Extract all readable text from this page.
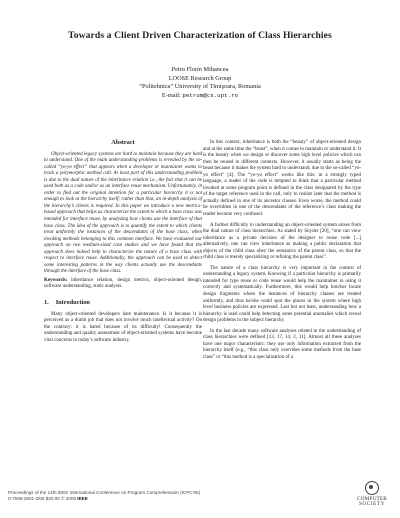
Towards a Client Driven Characterization of Class Hierarchies
Petru Florin Mihancea
LOOSE Research Group
“Politehnica” University of Timişoara, Romania
E-mail: petrum@cs.upt.ro
Abstract

Object-oriented legacy systems are hard to maintain because they are hard to understand. One of the main understanding problems is revealed by the so-called “yo-yo effect” that appears when a developer or maintainer wants to track a polymorphic method call. At least part of this understanding problem is due to the dual nature of the inheritance relation i.e., the fact that it can be used both as a code and/or as an interface reuse mechanism. Unfortunately, in order to find out the original intention for a particular hierarchy it is not enough to look at the hierarchy itself; rather than that, an in-depth analysis of the hierarchy’s clients is required. In this paper we introduce a new metrics-based approach that helps us characterize the extent to which a base class was intended for interface reuse, by analyzing how clients use the interface of that base class. The idea of the approach is to quantify the extent to which clients treat uniformly the instances of the descendants of the base class, when invoking methods belonging to this common interface. We have evaluated our approach on two medium-sized case studies and we have found that the approach does indeed help to characterize the nature of a base class with respect to interface reuse. Additionally, the approach can be used to detect some interesting patterns in the way clients actually use the descendants through the interface of the base class.

Keywords: inheritance relation, design metrics, object-oriented design, software understanding, static analysis.
1. Introduction

Many object-oriented developers hate maintenance. Is it because it is perceived as a dumb job that does not involve much intellectual activity? On the contrary: it is hated because of its difficulty! Consequently the understanding and quality assessment of object-oriented systems have become vital concerns in today’s software industry.

In this context, inheritance is both the “beauty” of object-oriented design and at the same time the “beast”, when it comes to maintain or understand it. It is the beauty when we design or discover some high level policies which can then be reused in different contexts. However, it usually starts as being the beast because it makes the system hard to understand, due to the so-called “yo-yo effect” [4]. The “yo-yo effect” works like this: in a strongly typed language, a reader of the code is tempted to think that a particular method invoked at some program point is defined in the class designated by the type of the target reference used in the call, only to realize later that the method is actually defined in one of its ancestor classes. Even worse, the method could be overridden in one of the descendants of the reference’s class making the reader become very confused.

A further difficulty in understanding an object-oriented system arises from the dual nature of class hierarchies. As stated by Snyder [20], “one can view inheritance as a private decision of the designer to reuse code [...] alternatively, one can view inheritance as making a public declaration that objects of the child class obey the semantics of the parent class, so that the child class is merely specializing or refining the parent class”.

The nature of a class hierarchy is very important in the context of understanding a legacy system. Knowing if a particular hierarchy is primarily intended for type reuse or code reuse would help the maintainer in using it correctly and systematically. Furthermore, this would help him/her locate design fragments where the instances of hierarchy classes are treated uniformly, and thus he/she could spot the places in the system where high level business policies are expressed. Last but not least, understanding how a hierarchy is used could help detecting some potential anomalies which reveal design problems in the subject hierarchy.

In the last decade many software analyses related to the understanding of class hierarchies were defined [13, 17, 14, 2, 11]. Almost all these analyses have one major characteristic: they use only information extracted from the hierarchy itself (e.g., “this class only overrides some methods from the base class” or “this method is a specialization of a

Proceedings of the 14th IEEE International Conference on Program Comprehension (ICPC'06)
0-7695-2601-2/06 $20.00 © 2006 IEEE	COMPUTER
SOCIETY
